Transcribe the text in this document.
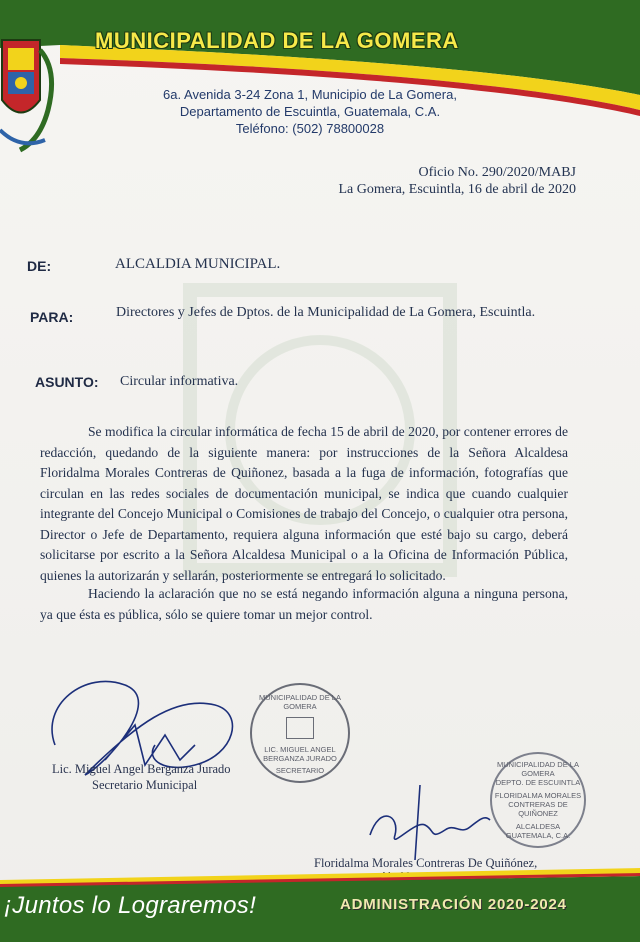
MUNICIPALIDAD DE LA GOMERA
6a. Avenida 3-24 Zona 1, Municipio de La Gomera,
Departamento de Escuintla, Guatemala, C.A.
Teléfono: (502) 78800028
Oficio No. 290/2020/MABJ
La Gomera, Escuintla, 16 de abril de 2020
DE:	ALCALDIA MUNICIPAL.
PARA:	Directores y Jefes de Dptos. de la Municipalidad de La Gomera, Escuintla.
ASUNTO: Circular informativa.

Se modifica la circular informática de fecha 15 de abril de 2020, por contener errores de redacción, quedando de la siguiente manera: por instrucciones de la Señora Alcaldesa Floridalma Morales Contreras de Quiñonez, basada a la fuga de información, fotografías que circulan en las redes sociales de documentación municipal, se indica que cuando cualquier integrante del Concejo Municipal o Comisiones de trabajo del Concejo, o cualquier otra persona, Director o Jefe de Departamento, requiera alguna información que esté bajo su cargo, deberá solicitarse por escrito a la Señora Alcaldesa Municipal o a la Oficina de Información Pública, quienes la autorizarán y sellarán, posteriormente se entregará lo solicitado.

Haciendo la aclaración que no se está negando información alguna a ninguna persona, ya que ésta es pública, sólo se quiere tomar un mejor control.

Lic. Miguel Angel Berganza Jurado
Secretario Municipal
MUNICIPALIDAD DE LA GOMERA
LIC. MIGUEL ANGEL
BERGANZA JURADO
SECRETARIO
MUNICIPALIDAD DE LA GOMERA
DEPTO. DE ESCUINTLA
FLORIDALMA MORALES
CONTRERAS DE QUIÑONEZ
ALCALDESA
GUATEMALA, C.A.
Floridalma Morales Contreras De Quiñónez,
¡Juntos lo Lograremos!	ADMINISTRACIÓN 2020-2024
